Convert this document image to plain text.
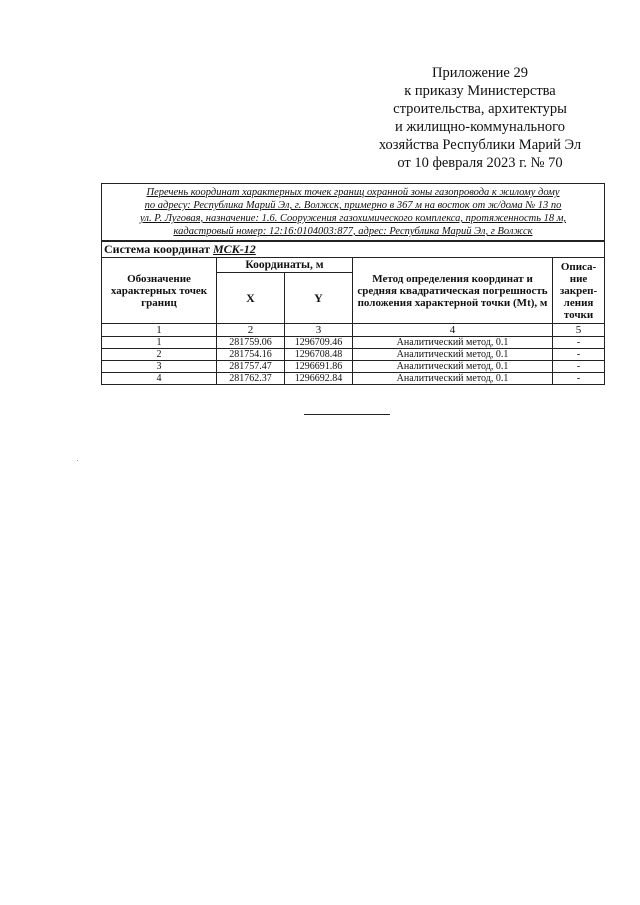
Приложение 29
к приказу Министерства
строительства, архитектуры
и жилищно-коммунального
хозяйства Республики Марий Эл
от 10 февраля 2023 г. № 70
Перечень координат характерных точек границ охранной зоны газопровода к жилому дому
по адресу: Республика Марий Эл, г. Волжск, примерно в 367 м на восток от ж/дома № 13 по
ул. Р. Луговая, назначение: 1.6. Сооружения газохимического комплекса, протяженность 18 м,
кадастровый номер: 12:16:0104003:877, адрес: Республика Марий Эл, г Волжск				

Система координат МСК-12				
Обозначение характерных точек границ	Координаты, м		Метод определения координат и средняя квадратическая погрешность положения характерной точки (Mt), м	Описа-ние закреп-ления точки
	X	Y		
1	2	3	4	5
1	281759.06	1296709.46	Аналитический метод, 0.1	-
2	281754.16	1296708.48	Аналитический метод, 0.1	-
3	281757.47	1296691.86	Аналитический метод, 0.1	-
4	281762.37	1296692.84	Аналитический метод, 0.1	-
